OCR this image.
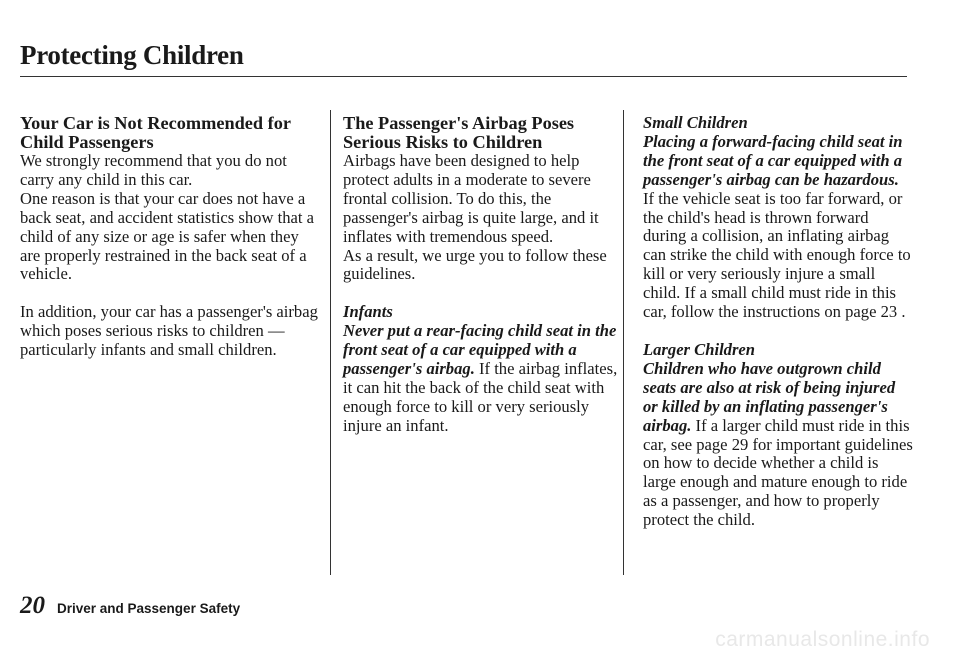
Protecting Children

Your Car is Not Recommended for Child Passengers

We strongly recommend that you do not carry any child in this car.

One reason is that your car does not have a back seat, and accident statistics show that a child of any size or age is safer when they are properly restrained in the back seat of a vehicle.

In addition, your car has a passenger's airbag which poses serious risks to children — particularly infants and small children.

The Passenger's Airbag Poses Serious Risks to Children

Airbags have been designed to help protect adults in a moderate to severe frontal collision. To do this, the passenger's airbag is quite large, and it inflates with tremendous speed.

As a result, we urge you to follow these guidelines.

Infants

Never put a rear-facing child seat in the front seat of a car equipped with a passenger's airbag. If the airbag inflates, it can hit the back of the child seat with enough force to kill or very seriously injure an infant.

Small Children

Placing a forward-facing child seat in the front seat of a car equipped with a passenger's airbag can be hazardous. If the vehicle seat is too far forward, or the child's head is thrown forward during a collision, an inflating airbag can strike the child with enough force to kill or very seriously injure a small child. If a small child must ride in this car, follow the instructions on page 23 .

Larger Children

Children who have outgrown child seats are also at risk of being injured or killed by an inflating passenger's airbag. If a larger child must ride in this car, see page 29 for important guidelines on how to decide whether a child is large enough and mature enough to ride as a passenger, and how to properly protect the child.

20 Driver and Passenger Safety
carmanualsonline.info
